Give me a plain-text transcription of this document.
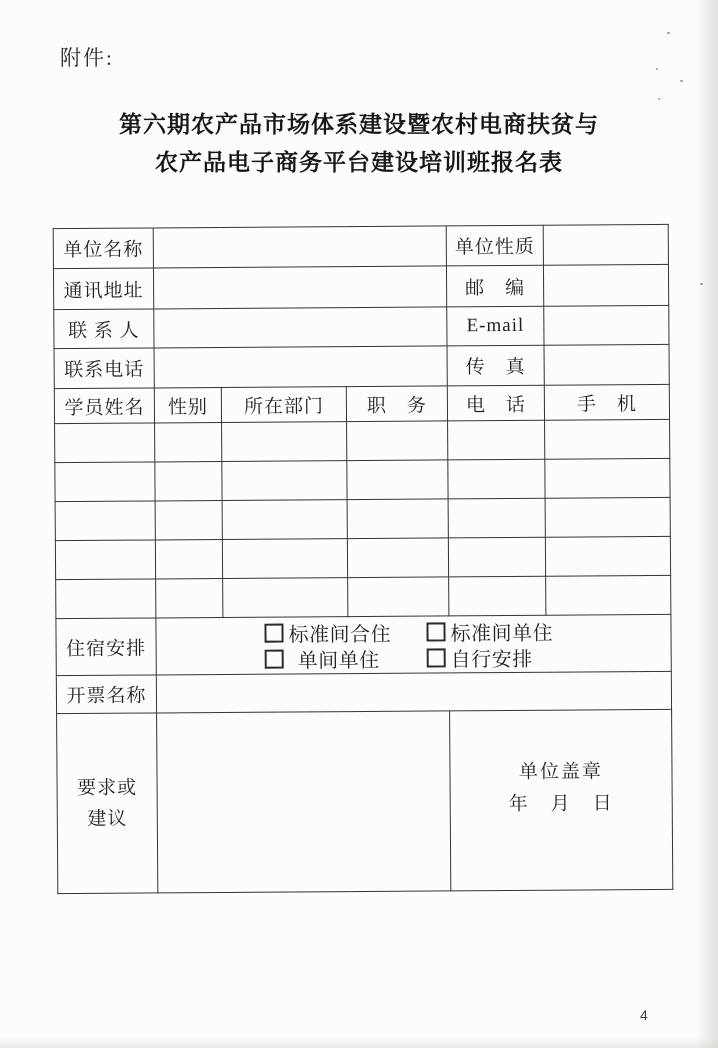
附件:
第六期农产品市场体系建设暨农村电商扶贫与
农产品电子商务平台建设培训班报名表
单位名称				单位性质	
通讯地址				邮　编	
联 系 人				E-mail	
联系电话				传　真	
学员姓名	性别	所在部门	职　务	电　话	手　机

住宿安排	标准间合住 标准间单住
单间单住 自行安排				

开票名称					

要求或
建议

单位盖章
年　月　日
4
